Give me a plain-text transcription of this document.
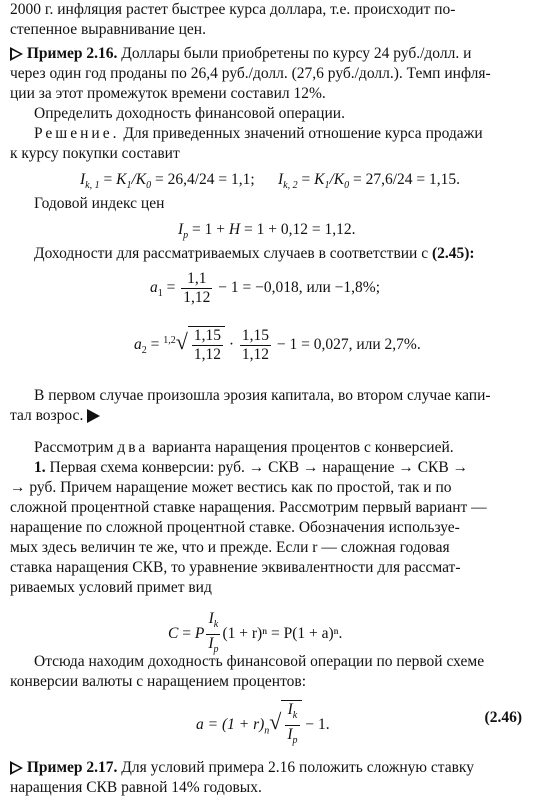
2000 г. инфляция растет быстрее курса доллара, т.е. происходит по-
степенное выравнивание цен.
Пример 2.16. Доллары были приобретены по курсу 24 руб./долл. и
через один год проданы по 26,4 руб./долл. (27,6 руб./долл.). Темп инфля-
ции за этот промежуток времени составил 12%.
Определить доходность финансовой операции.
Решение. Для приведенных значений отношение курса продажи
к курсу покупки составит
$I_{k, 1} = K_1/K_0 = 26,4/24 = 1,1$;      $I_{k, 2} = K_1/K_0 = 27,6/24 = 1,15$.
Годовой индекс цен
$I_p = 1 + H = 1 + 0,12 = 1,12$.
Доходности для рассматриваемых случаев в соответствии с (2.45):
$a_1 = \frac{1,1}{1,12} - 1 = -0,018$, или −1,8%;
$a_2 = ^{1,2}√ \frac{1,15}{1,12} \cdot \frac{1,15}{1,12} - 1 = 0,027$, или 2,7%.
В первом случае произошла эрозия капитала, во втором случае капи-
тал возрос.
Рассмотрим два варианта наращения процентов с конверсией.
1. Первая схема конверсии: руб. → СКВ → наращение → СКВ →
→ руб. Причем наращение может вестись как по простой, так и по
сложной процентной ставке наращения. Рассмотрим первый вариант —
наращение по сложной процентной ставке. Обозначения используе-
мых здесь величин те же, что и прежде. Если r — сложная годовая
ставка наращения СКВ, то уравнение эквивалентности для рассмат-
риваемых условий примет вид
C = P $\frac{I_k}{I_p} (1 + r)^n = P(1 + a)^n$.
Отсюда находим доходность финансовой операции по первой схеме
конверсии валюты с наращением процентов:
$a = (1 + r)_n√ \frac{I_k}{I_p} - 1$.	(2.46)
Пример 2.17. Для условий примера 2.16 положить сложную ставку
наращения СКВ равной 14% годовых.
